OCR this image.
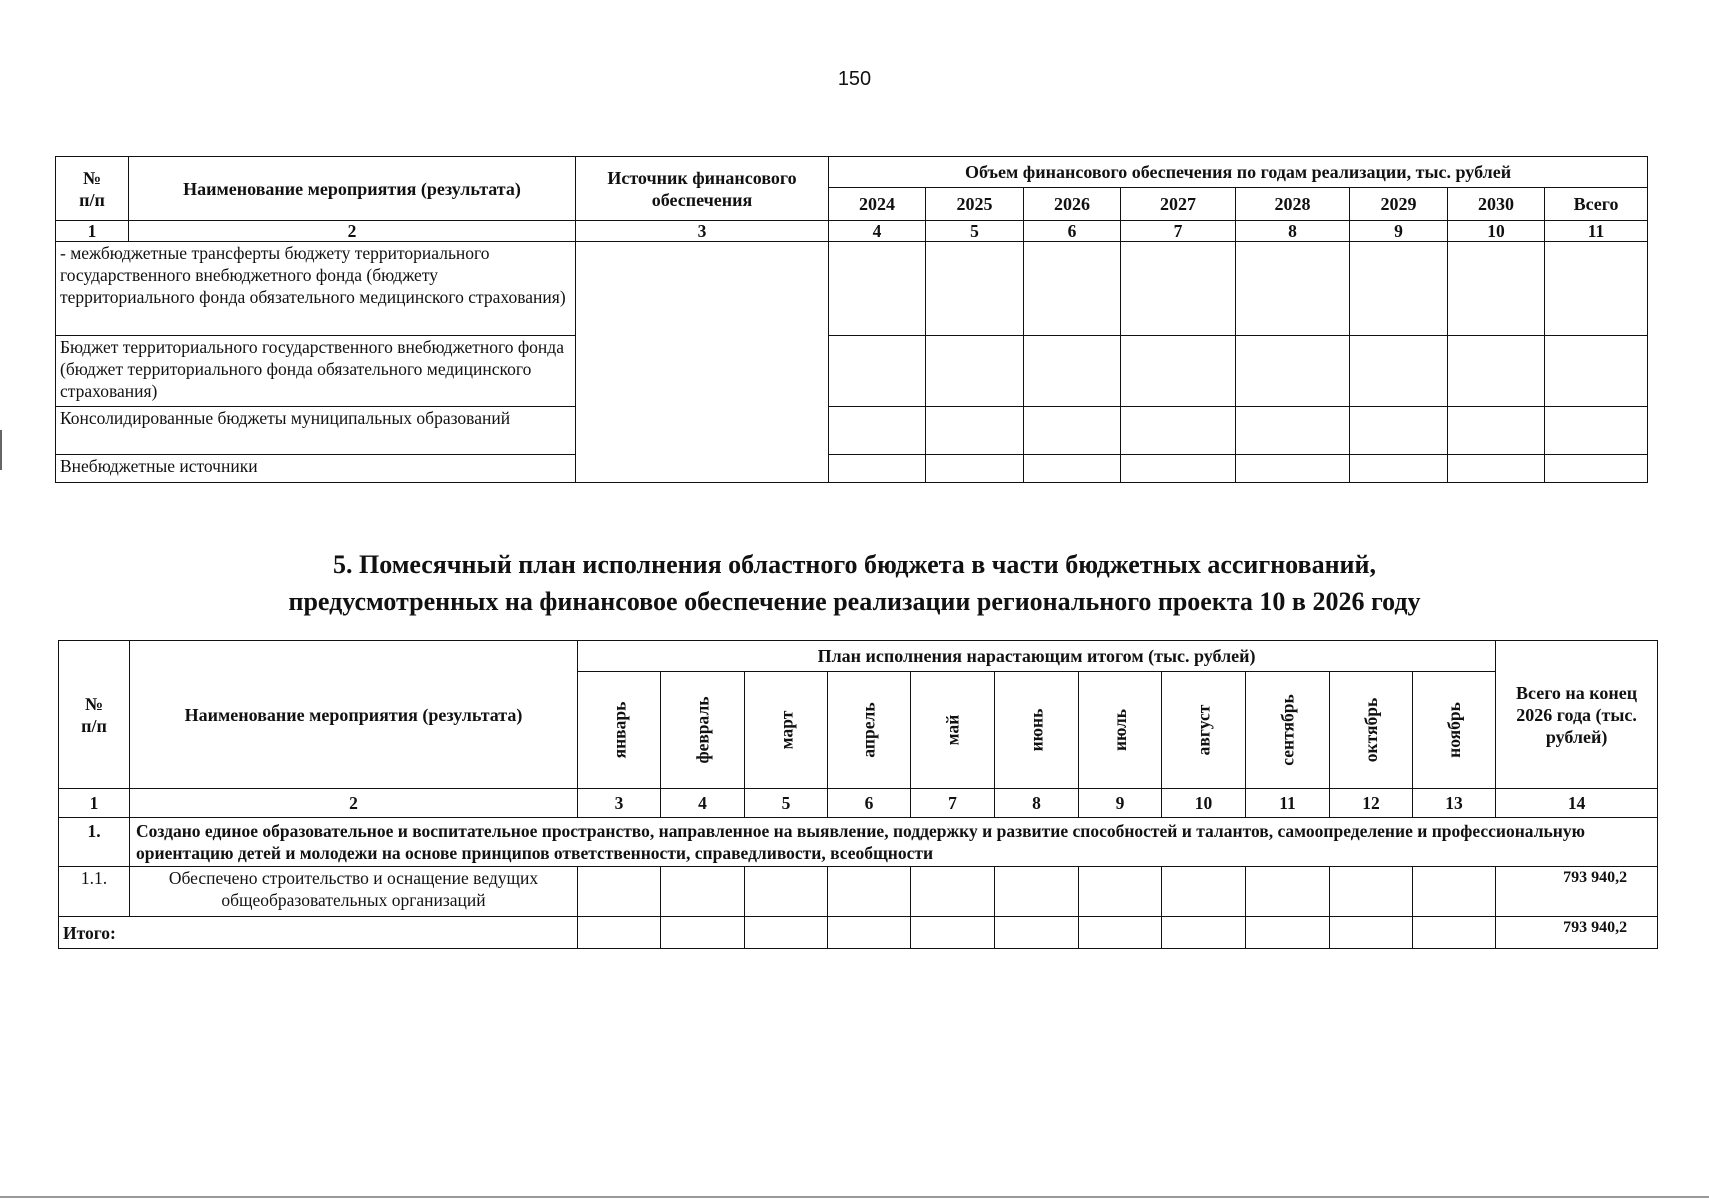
150
№
п/п	Наименование мероприятия (результата)	Источник финансового обеспечения	Объем финансового обеспечения по годам реализации, тыс. рублей							
			2024	2025	2026	2027	2028	2029	2030	Всего
1	2	3	4	5	6	7	8	9	10	11
- межбюджетные трансферты бюджету территориального государственного внебюджетного фонда (бюджету территориального фонда обязательного медицинского страхования)										
Бюджет территориального государственного внебюджетного фонда (бюджет территориального фонда обязательного медицинского страхования)										
Консолидированные бюджеты муниципальных образований										
Внебюджетные источники										
5. Помесячный план исполнения областного бюджета в части бюджетных ассигнований,
предусмотренных на финансовое обеспечение реализации регионального проекта 10 в 2026 году
№
п/п	Наименование мероприятия (результата)	План исполнения нарастающим итогом (тыс. рублей)											Всего на конец 2026 года (тыс. рублей)
		январь	февраль	март	апрель	май	июнь	июль	август	сентябрь	октябрь	ноябрь	
1	2	3	4	5	6	7	8	9	10	11	12	13	14
1.	Создано единое образовательное и воспитательное пространство, направленное на выявление, поддержку и развитие способностей и талантов, самоопределение и профессиональную ориентацию детей и молодежи на основе принципов ответственности, справедливости, всеобщности												
1.1.	Обеспечено строительство и оснащение ведущих общеобразовательных организаций												793 940,2
Итого:													793 940,2
